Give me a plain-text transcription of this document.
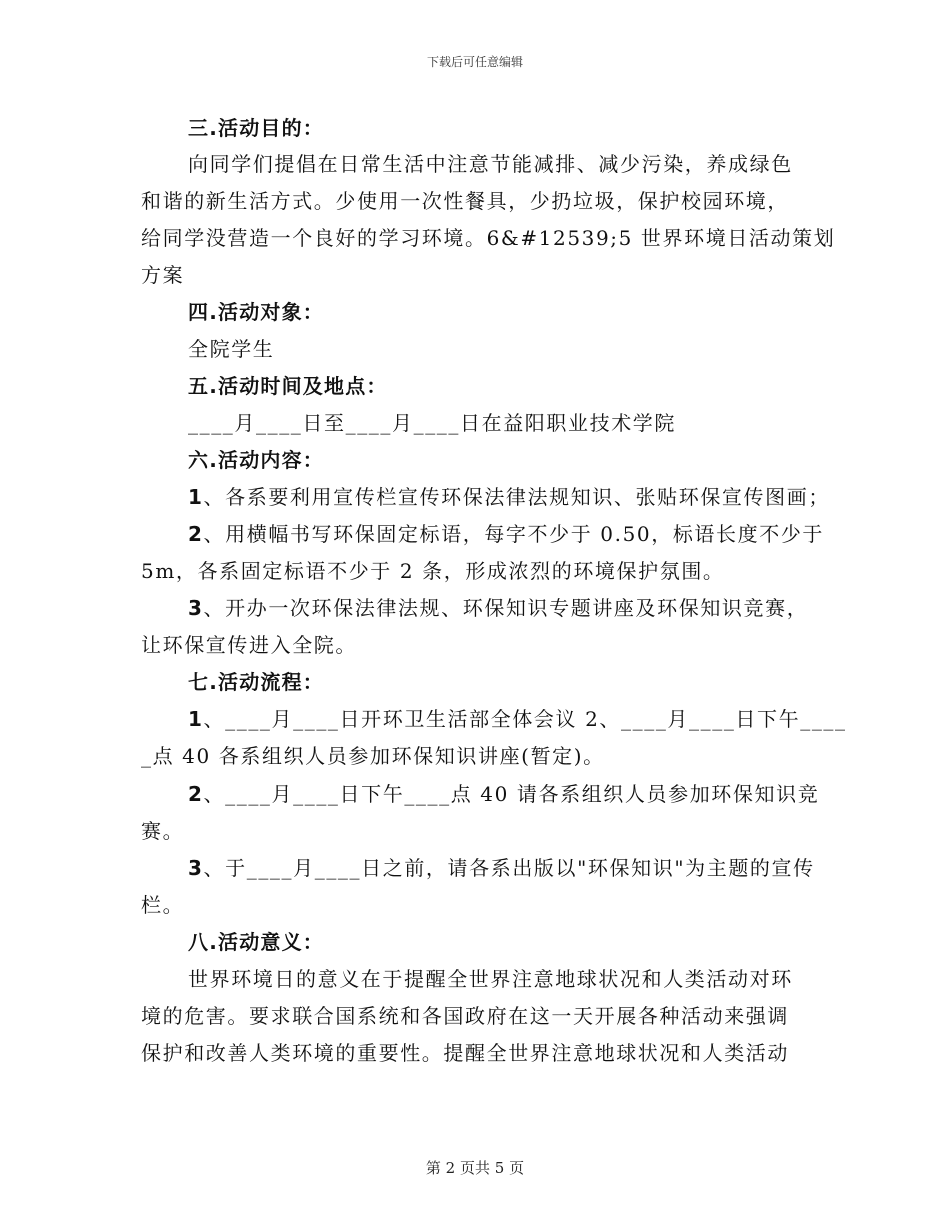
下载后可任意编辑
三.活动目的：
向同学们提倡在日常生活中注意节能减排、减少污染，养成绿色
和谐的新生活方式。少使用一次性餐具，少扔垃圾，保护校园环境，
给同学没营造一个良好的学习环境。6&#12539;5 世界环境日活动策划
方案
四.活动对象：
全院学生
五.活动时间及地点：
____月____日至____月____日在益阳职业技术学院
六.活动内容：
1、各系要利用宣传栏宣传环保法律法规知识、张贴环保宣传图画；
2、用横幅书写环保固定标语，每字不少于 0.50，标语长度不少于
5m，各系固定标语不少于 2 条，形成浓烈的环境保护氛围。
3、开办一次环保法律法规、环保知识专题讲座及环保知识竞赛，
让环保宣传进入全院。
七.活动流程：
1、____月____日开环卫生活部全体会议 2、____月____日下午____
_点 40 各系组织人员参加环保知识讲座(暂定)。
2、____月____日下午____点 40 请各系组织人员参加环保知识竞
赛。
3、于____月____日之前，请各系出版以"环保知识"为主题的宣传
栏。
八.活动意义：
世界环境日的意义在于提醒全世界注意地球状况和人类活动对环
境的危害。要求联合国系统和各国政府在这一天开展各种活动来强调
保护和改善人类环境的重要性。提醒全世界注意地球状况和人类活动
第 2 页共 5 页
